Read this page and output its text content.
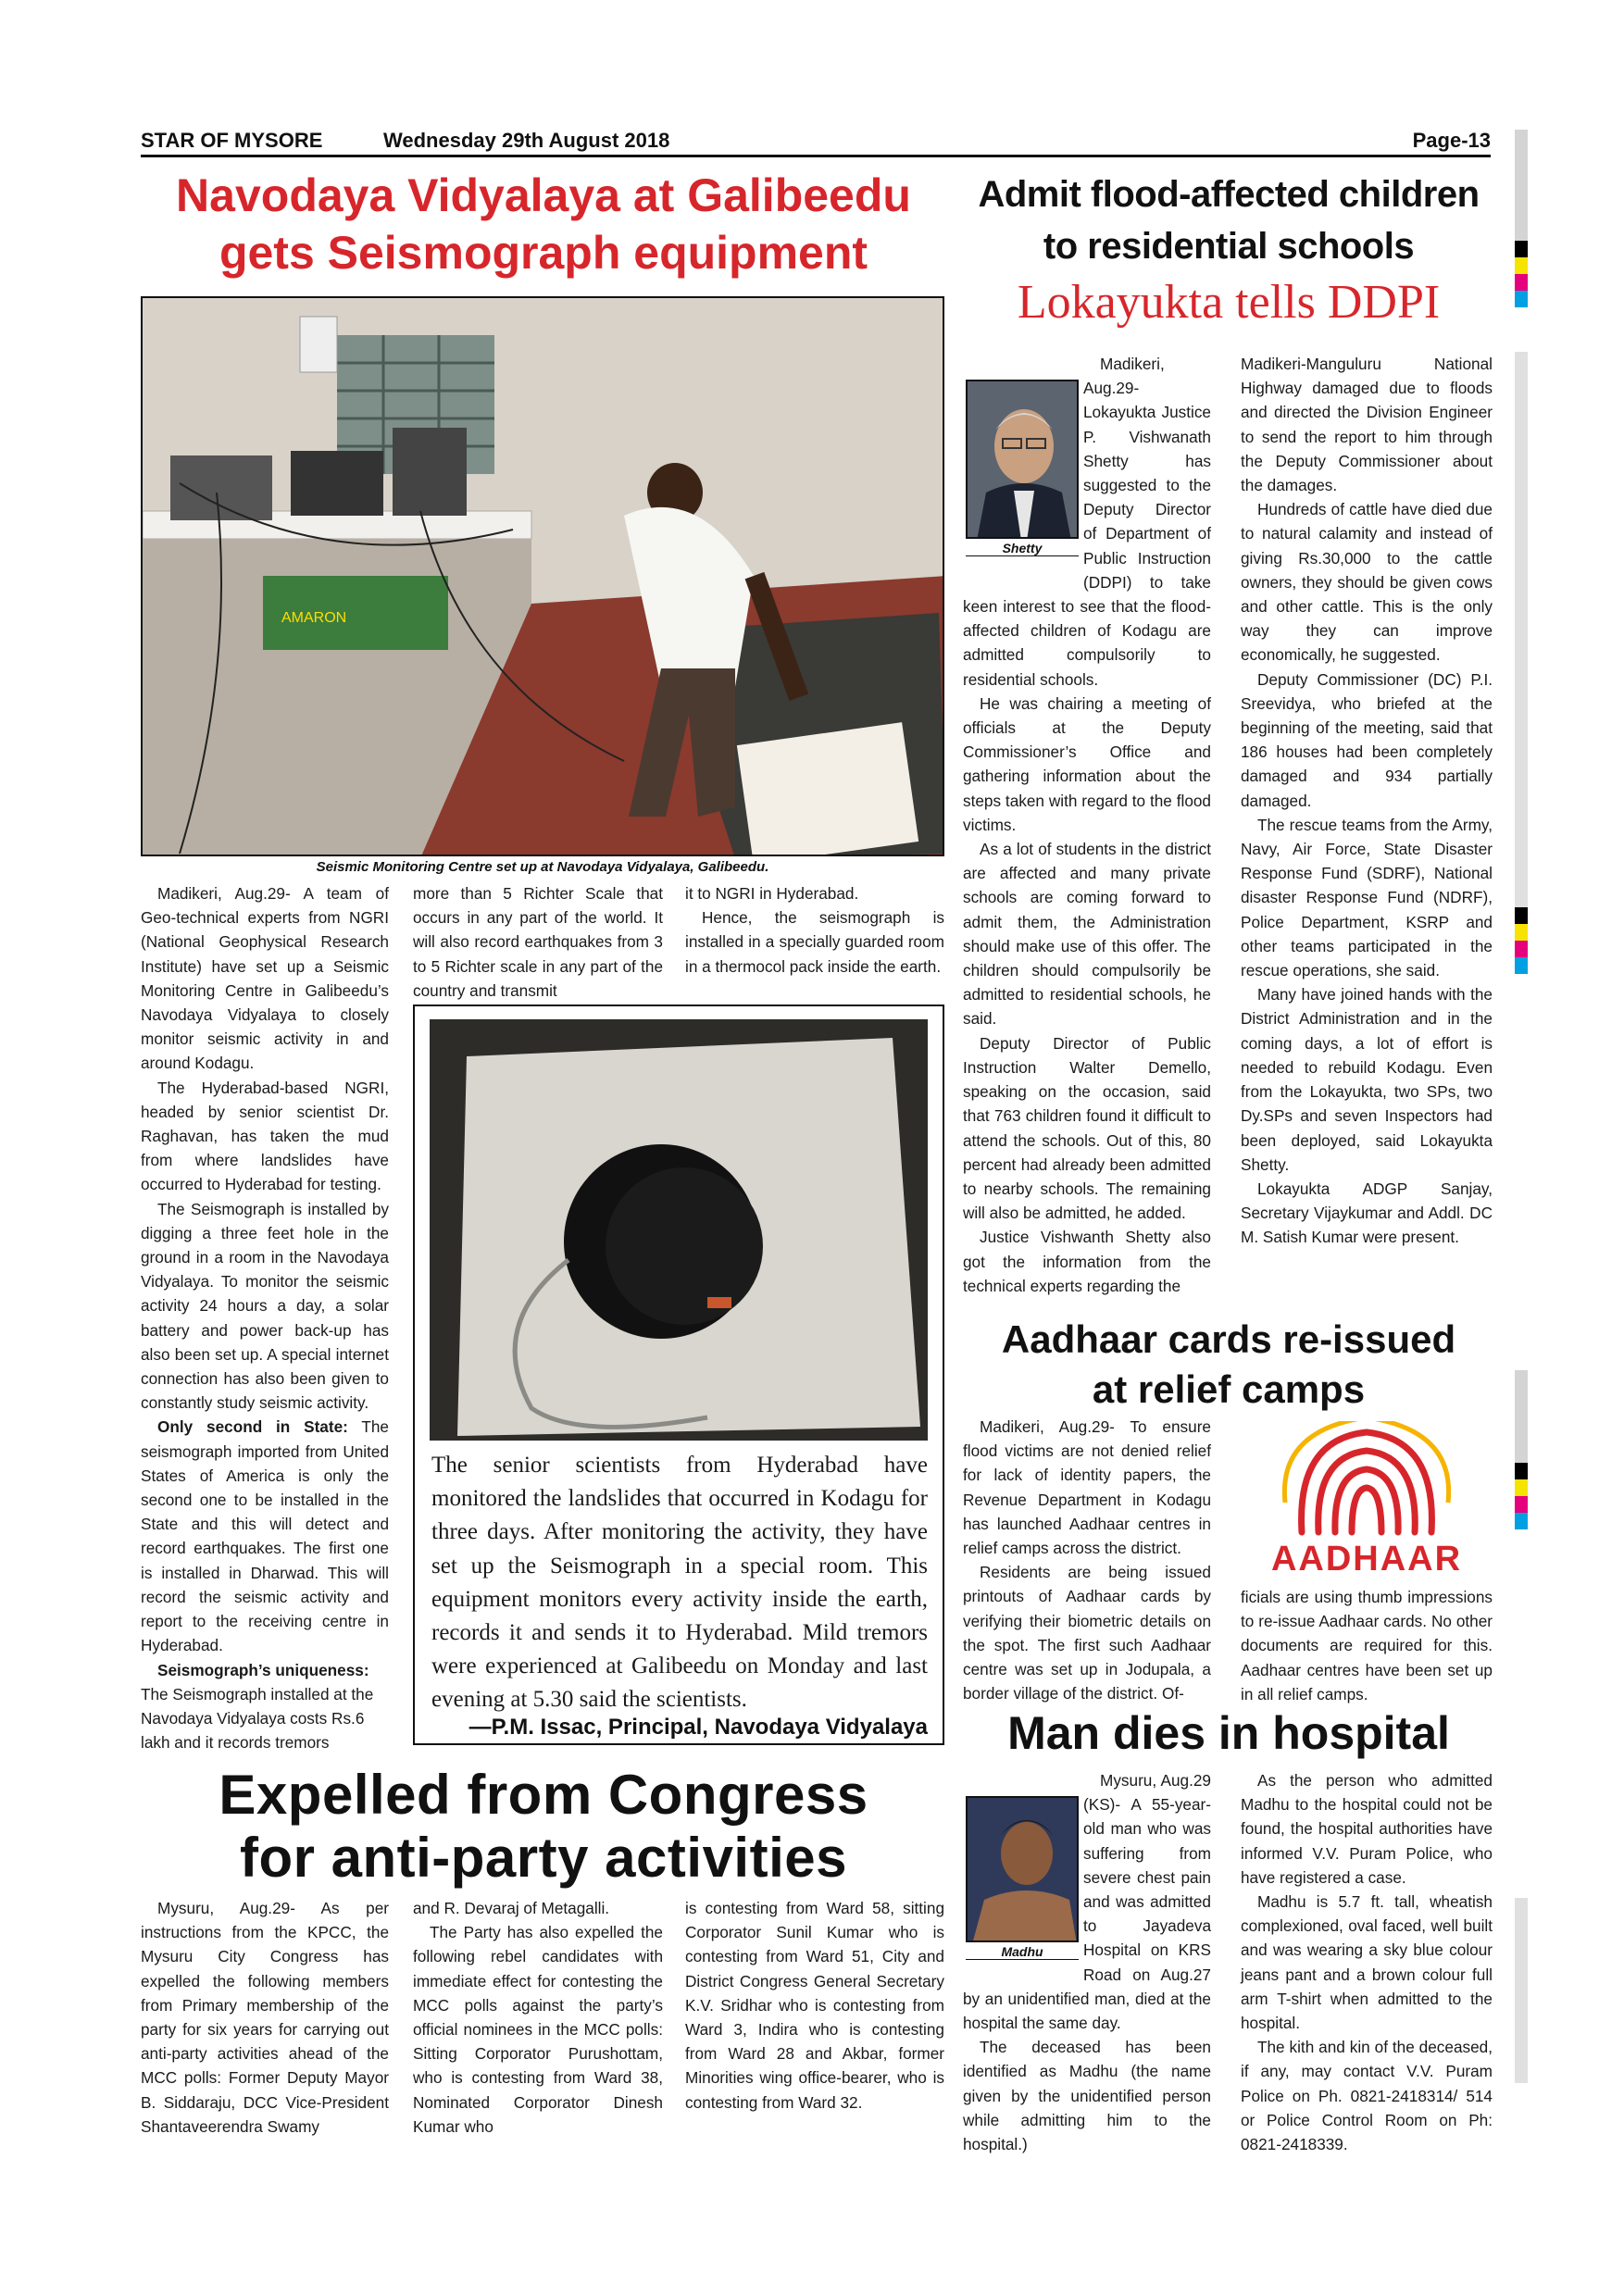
STAR OF MYSORE	Wednesday 29th August 2018	Page-13
Navodaya Vidyalaya at Galibeedu
gets Seismograph equipment
AMARON
Seismic Monitoring Centre set up at Navodaya Vidyalaya, Galibeedu.

Madikeri, Aug.29- A team of Geo-technical experts from NGRI (National Geophysical Research Institute) have set up a Seismic Monitoring Centre in Galibeedu’s Navodaya Vidyalaya to closely monitor seismic activity in and around Kodagu.

The Hyderabad-based NGRI, headed by senior scientist Dr. Raghavan, has taken the mud from where landslides have occurred to Hyderabad for testing.

The Seismograph is installed by digging a three feet hole in the ground in a room in the Navodaya Vidyalaya. To monitor the seismic activity 24 hours a day, a solar battery and power back-up has also been set up. A special internet connection has also been given to constantly study seismic activity.

Only second in State: The seismograph imported from United States of America is only the second one to be installed in the State and this will detect and record earthquakes. The first one is installed in Dharwad. This will record the seismic activity and report to the receiving centre in Hyderabad.

Seismograph’s uniqueness: The Seismograph installed at the Navodaya Vidyalaya costs Rs.6 lakh and it records tremors

more than 5 Richter Scale that occurs in any part of the world. It will also record earthquakes from 3 to 5 Richter scale in any part of the country and transmit

it to NGRI in Hyderabad.

Hence, the seismograph is installed in a specially guarded room in a thermocol pack inside the earth.

The senior scientists from Hyderabad have monitored the landslides that occurred in Kodagu for three days. After monitoring the activity, they have set up the Seismograph in a special room. This equipment monitors every activity inside the earth, records it and sends it to Hyderabad. Mild tremors were experienced at Galibeedu on Monday and last evening at 5.30 said the scientists.
—P.M. Issac, Principal, Navodaya Vidyalaya
Expelled from Congress
for anti-party activities

Mysuru, Aug.29- As per instructions from the KPCC, the Mysuru City Congress has expelled the following members from Primary membership of the party for six years for carrying out anti-party activities ahead of the MCC polls: Former Deputy Mayor B. Siddaraju, DCC Vice-President Shantaveerendra Swamy

and R. Devaraj of Metagalli.

The Party has also expelled the following rebel candidates with immediate effect for contesting the MCC polls against the party’s official nominees in the MCC polls: Sitting Corporator Purushottam, who is contesting from Ward 38, Nominated Corporator Dinesh Kumar who

is contesting from Ward 58, sitting Corporator Sunil Kumar who is contesting from Ward 51, City and District Congress General Secretary K.V. Sridhar who is contesting from Ward 3, Indira who is contesting from Ward 28 and Akbar, former Minorities wing office-bearer, who is contesting from Ward 32.

Admit flood-affected children
to residential schools
Lokayukta tells DDPI
Shetty

Madikeri, Aug.29- Lokayukta Justice P. Vishwanath Shetty has suggested to the Deputy Director of Department of Public Instruction (DDPI) to take keen interest to see that the flood-affected children of Kodagu are admitted compulsorily to residential schools.

He was chairing a meeting of officials at the Deputy Commissioner’s Office and gathering information about the steps taken with regard to the flood victims.

As a lot of students in the district are affected and many private schools are coming forward to admit them, the Administration should make use of this offer. The children should compulsorily be admitted to residential schools, he said.

Deputy Director of Public Instruction Walter Demello, speaking on the occasion, said that 763 children found it difficult to attend the schools. Out of this, 80 percent had already been admitted to nearby schools. The remaining will also be admitted, he added.

Justice Vishwanth Shetty also got the information from the technical experts regarding the

Madikeri-Manguluru National Highway damaged due to floods and directed the Division Engineer to send the report to him through the Deputy Commissioner about the damages.

Hundreds of cattle have died due to natural calamity and instead of giving Rs.30,000 to the cattle owners, they should be given cows and other cattle. This is the only way they can improve economically, he suggested.

Deputy Commissioner (DC) P.I. Sreevidya, who briefed at the beginning of the meeting, said that 186 houses had been completely damaged and 934 partially damaged.

The rescue teams from the Army, Navy, Air Force, State Disaster Response Fund (SDRF), National disaster Response Fund (NDRF), Police Department, KSRP and other teams participated in the rescue operations, she said.

Many have joined hands with the District Administration and in the coming days, a lot of effort is needed to rebuild Kodagu. Even from the Lokayukta, two SPs, two Dy.SPs and seven Inspectors had been deployed, said Lokayukta Shetty.

Lokayukta ADGP Sanjay, Secretary Vijaykumar and Addl. DC M. Satish Kumar were present.

Aadhaar cards re-issued
at relief camps
AADHAAR

Madikeri, Aug.29- To ensure flood victims are not denied relief for lack of identity papers, the Revenue Department in Kodagu has launched Aadhaar centres in relief camps across the district.

Residents are being issued printouts of Aadhaar cards by verifying their biometric details on the spot. The first such Aadhaar centre was set up in Jodupala, a border village of the district. Of-

ficials are using thumb impressions to re-issue Aadhaar cards. No other documents are required for this. Aadhaar centres have been set up in all relief camps.

Man dies in hospital
Madhu

Mysuru, Aug.29 (KS)- A 55-year-old man who was suffering from severe chest pain and was admitted to Jayadeva Hospital on KRS Road on Aug.27 by an unidentified man, died at the hospital the same day.

The deceased has been identified as Madhu (the name given by the unidentified person while admitting him to the hospital.)

As the person who admitted Madhu to the hospital could not be found, the hospital authorities have informed V.V. Puram Police, who have registered a case.

Madhu is 5.7 ft. tall, wheatish complexioned, oval faced, well built and was wearing a sky blue colour jeans pant and a brown colour full arm T-shirt when admitted to the hospital.

The kith and kin of the deceased, if any, may contact V.V. Puram Police on Ph. 0821-2418314/ 514 or Police Control Room on Ph: 0821-2418339.
